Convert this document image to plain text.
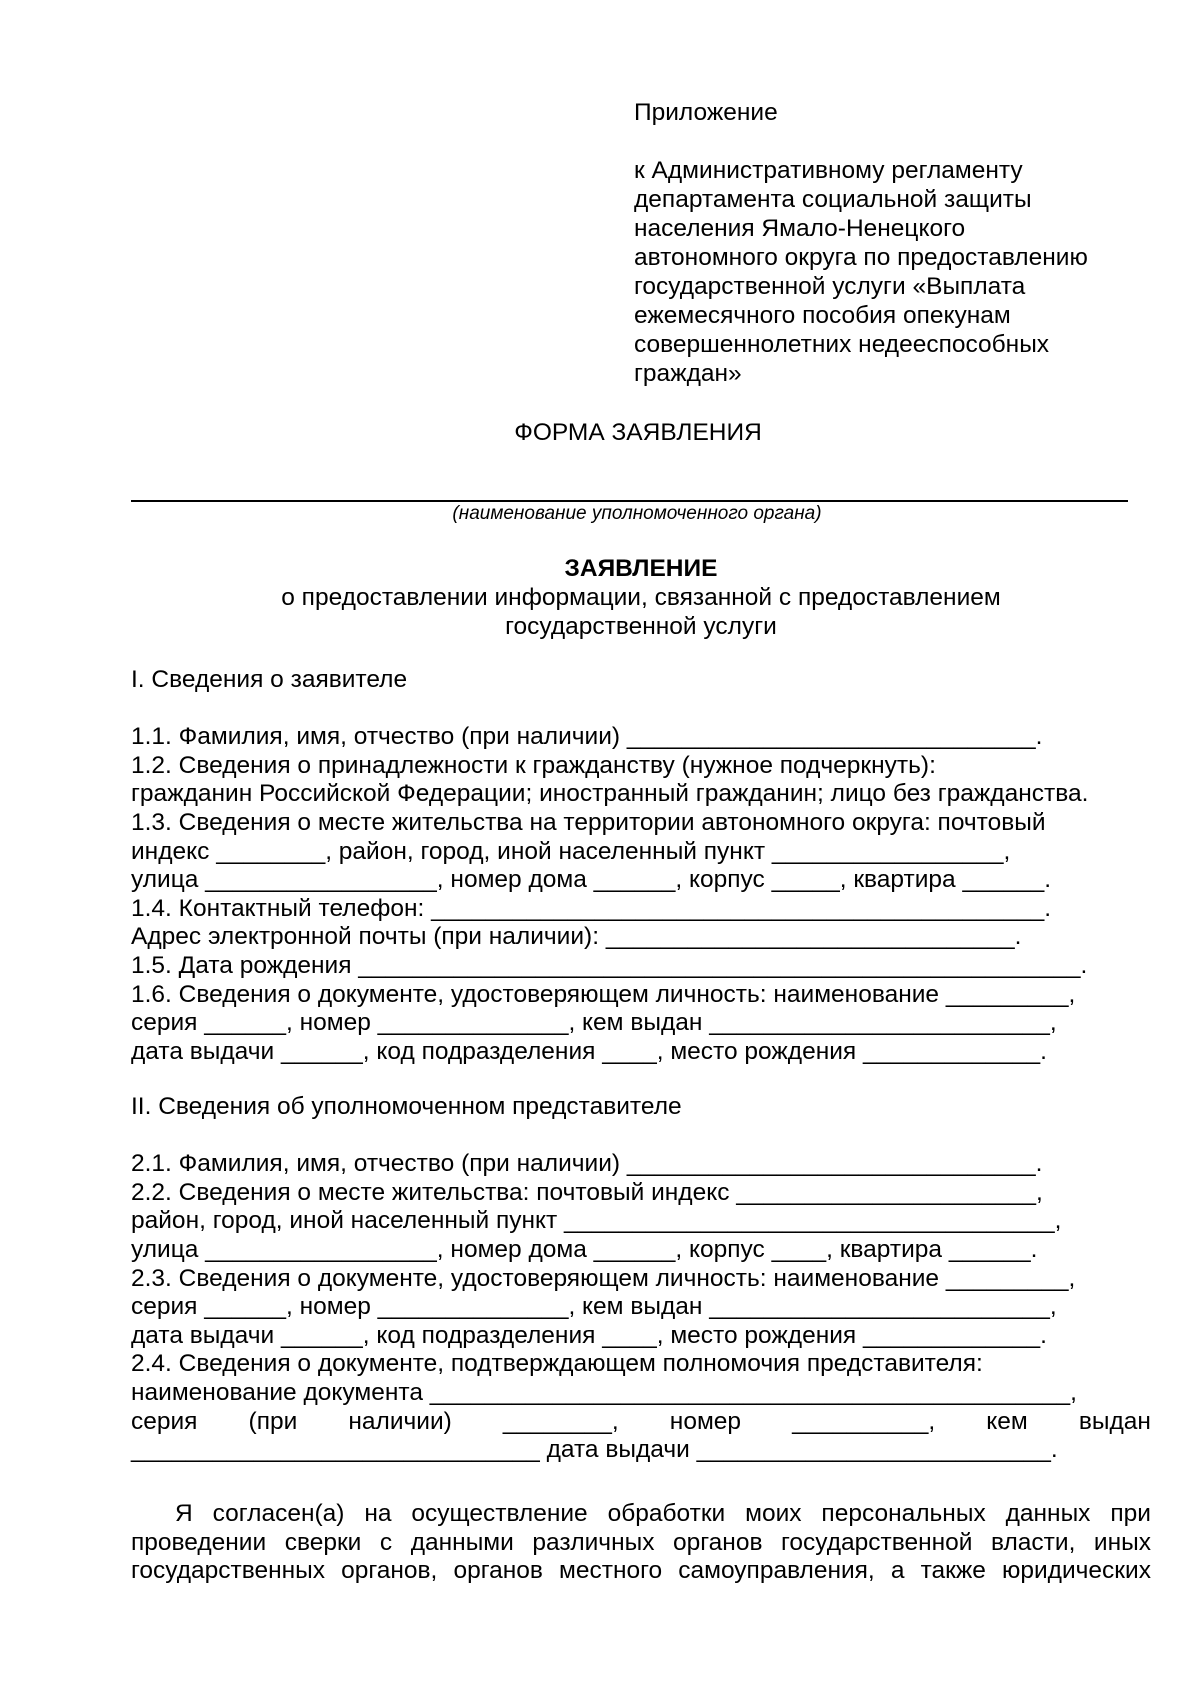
Приложение
к Административному регламенту
департамента социальной защиты
населения Ямало-Ненецкого
автономного округа по предоставлению
государственной услуги «Выплата
ежемесячного пособия опекунам
совершеннолетних недееспособных
граждан»
ФОРМА ЗАЯВЛЕНИЯ
(наименование уполномоченного органа)
ЗАЯВЛЕНИЕ
о предоставлении информации, связанной с предоставлением
государственной услуги
I. Сведения о заявителе
1.1. Фамилия, имя, отчество (при наличии) ______________________________.
1.2. Сведения о принадлежности к гражданству (нужное подчеркнуть):
гражданин Российской Федерации; иностранный гражданин; лицо без гражданства.
1.3. Сведения о месте жительства на территории автономного округа: почтовый
индекс ________, район, город, иной населенный пункт _________________,
улица _________________, номер дома ______, корпус _____, квартира ______.
1.4. Контактный телефон: _____________________________________________.
Адрес электронной почты (при наличии): ______________________________.
1.5. Дата рождения _____________________________________________________.
1.6. Сведения о документе, удостоверяющем личность: наименование _________,
серия ______, номер ______________, кем выдан _________________________,
дата выдачи ______, код подразделения ____, место рождения _____________.
II. Сведения об уполномоченном представителе
2.1. Фамилия, имя, отчество (при наличии) ______________________________.
2.2. Сведения о месте жительства: почтовый индекс ______________________,
район, город, иной населенный пункт ____________________________________,
улица _________________, номер дома ______, корпус ____, квартира ______.
2.3. Сведения о документе, удостоверяющем личность: наименование _________,
серия ______, номер ______________, кем выдан _________________________,
дата выдачи ______, код подразделения ____, место рождения _____________.
2.4. Сведения о документе, подтверждающем полномочия представителя:
наименование документа _______________________________________________,
серия (при наличии) ________, номер __________, кем выдан
______________________________ дата выдачи __________________________.
Я согласен(а) на осуществление обработки моих персональных данных при
проведении сверки с данными различных органов государственной власти, иных
государственных органов, органов местного самоуправления, а также юридических
